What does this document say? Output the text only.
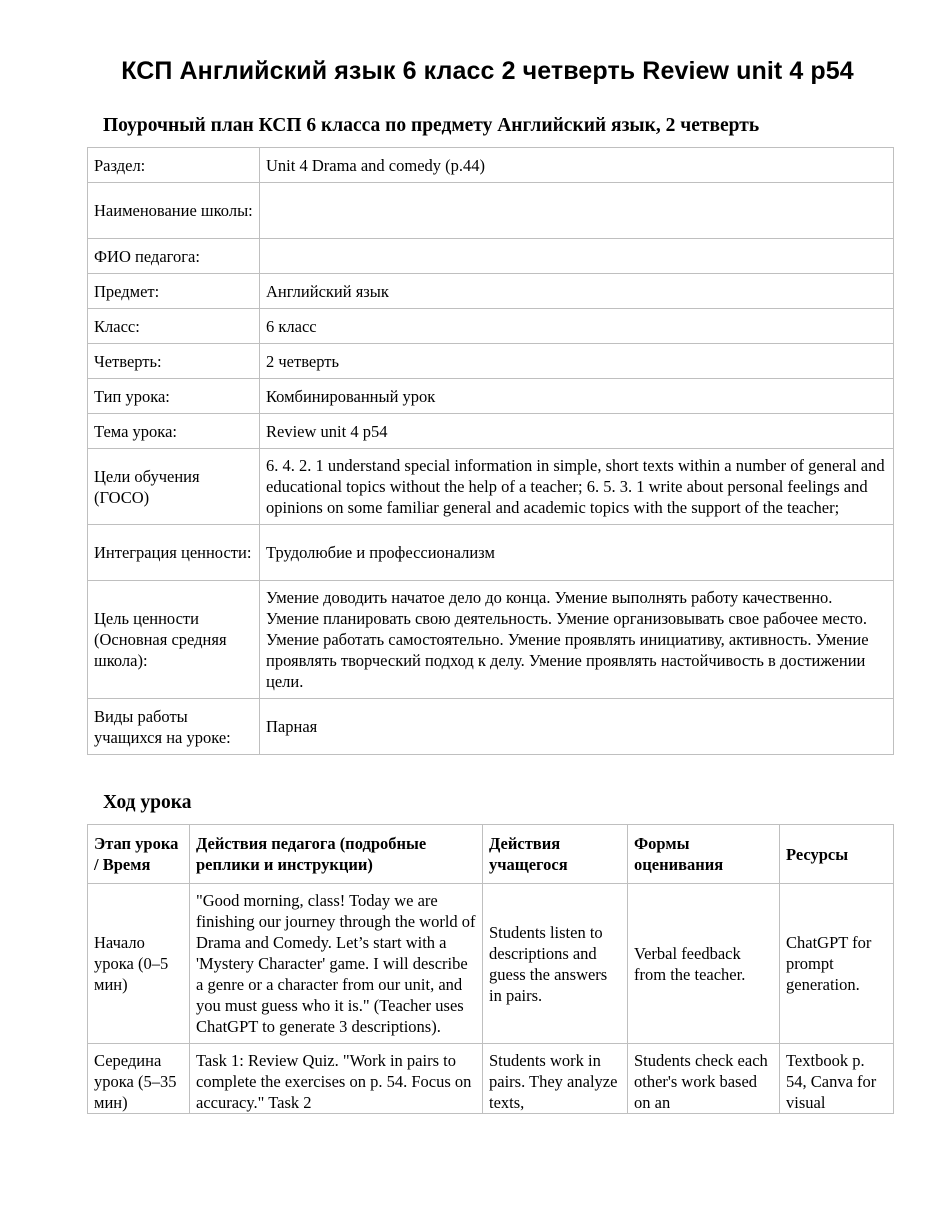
КСП Английский язык 6 класс 2 четверть Review unit 4 p54
Поурочный план КСП 6 класса по предмету Английский язык, 2 четверть
Раздел:	Unit 4 Drama and comedy (p.44)
Наименование школы:	
ФИО педагога:	
Предмет:	Английский язык
Класс:	6 класс
Четверть:	2 четверть
Тип урока:	Комбинированный урок
Тема урока:	Review unit 4 p54
Цели обучения (ГОСО)	6. 4. 2. 1 understand special information in simple, short texts within a number of general and educational topics without the help of a teacher; 6. 5. 3. 1 write about personal feelings and opinions on some familiar general and academic topics with the support of the teacher;
Интеграция ценности:	Трудолюбие и профессионализм
Цель ценности (Основная средняя школа):	Умение доводить начатое дело до конца. Умение выполнять работу качественно. Умение планировать свою деятельность. Умение организовывать свое рабочее место. Умение работать самостоятельно. Умение проявлять инициативу, активность. Умение проявлять творческий подход к делу. Умение проявлять настойчивость в достижении цели.
Виды работы учащихся на уроке:	Парная
Ход урока
Этап урока / Время	Действия педагога (подробные реплики и инструкции)	Действия учащегося	Формы оценивания	Ресурсы
Начало урока (0–5 мин)	"Good morning, class! Today we are finishing our journey through the world of Drama and Comedy. Let’s start with a 'Mystery Character' game. I will describe a genre or a character from our unit, and you must guess who it is." (Teacher uses ChatGPT to generate 3 descriptions).	Students listen to descriptions and guess the answers in pairs.	Verbal feedback from the teacher.	ChatGPT for prompt generation.

Середина урока (5–35 мин)	Task 1: Review Quiz. "Work in pairs to complete the exercises on p. 54. Focus on accuracy." Task 2	Students work in pairs. They analyze texts,	Students check each other's work based on an	Textbook p. 54, Canva for visual
